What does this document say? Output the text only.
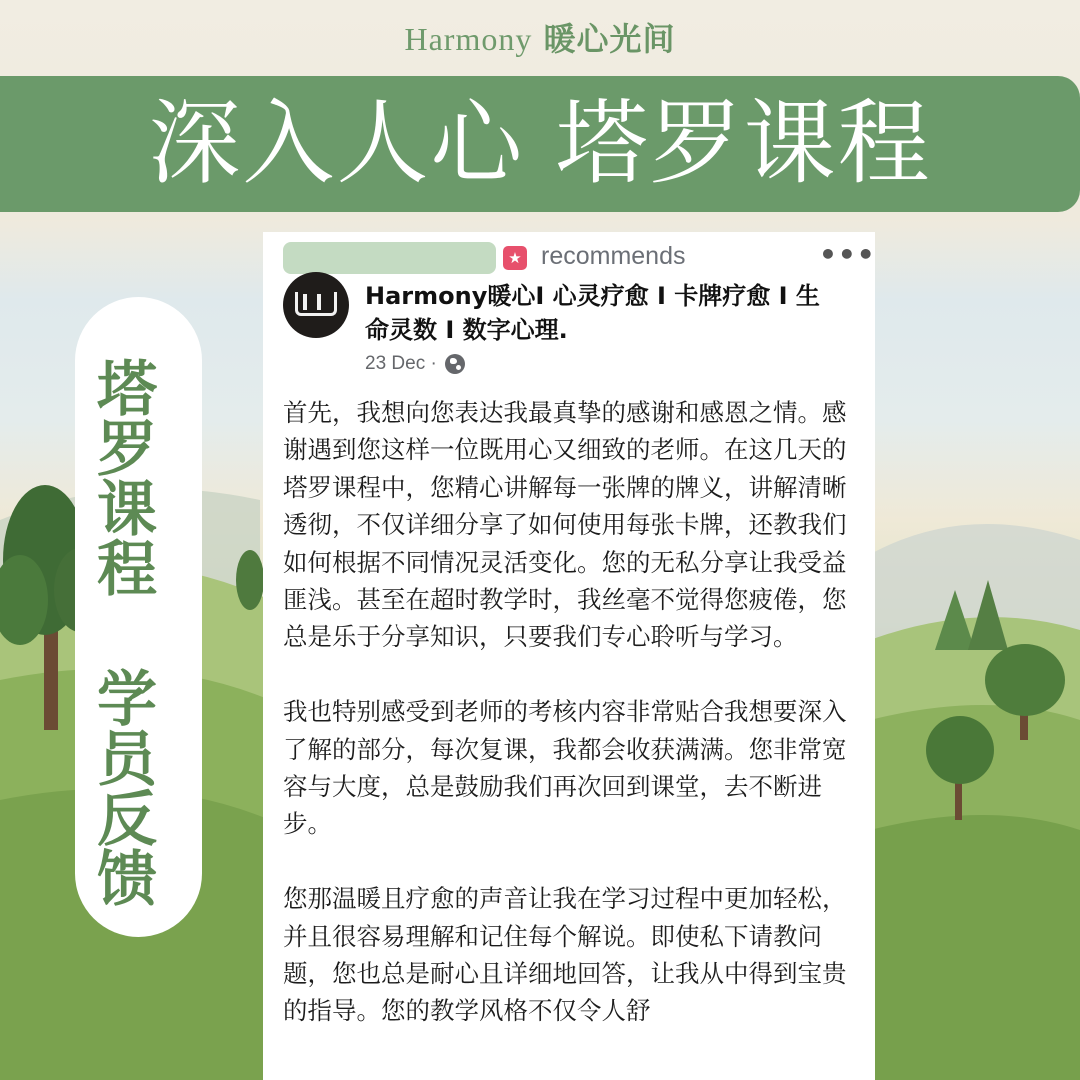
Harmony 暖心光间
深入人心 塔罗课程
塔罗课程 学员反馈
★ recommends	•••
Harmony暖心I 心灵疗愈 I 卡牌疗愈 I 生命灵数 I 数字心理.
23 Dec ·

首先，我想向您表达我最真挚的感谢和感恩之情。感谢遇到您这样一位既用心又细致的老师。在这几天的塔罗课程中，您精心讲解每一张牌的牌义，讲解清晰透彻，不仅详细分享了如何使用每张卡牌，还教我们如何根据不同情况灵活变化。您的无私分享让我受益匪浅。甚至在超时教学时，我丝毫不觉得您疲倦，您总是乐于分享知识，只要我们专心聆听与学习。

我也特别感受到老师的考核内容非常贴合我想要深入了解的部分，每次复课，我都会收获满满。您非常宽容与大度，总是鼓励我们再次回到课堂，去不断进步。

您那温暖且疗愈的声音让我在学习过程中更加轻松，并且很容易理解和记住每个解说。即使私下请教问题，您也总是耐心且详细地回答，让我从中得到宝贵的指导。您的教学风格不仅令人舒
